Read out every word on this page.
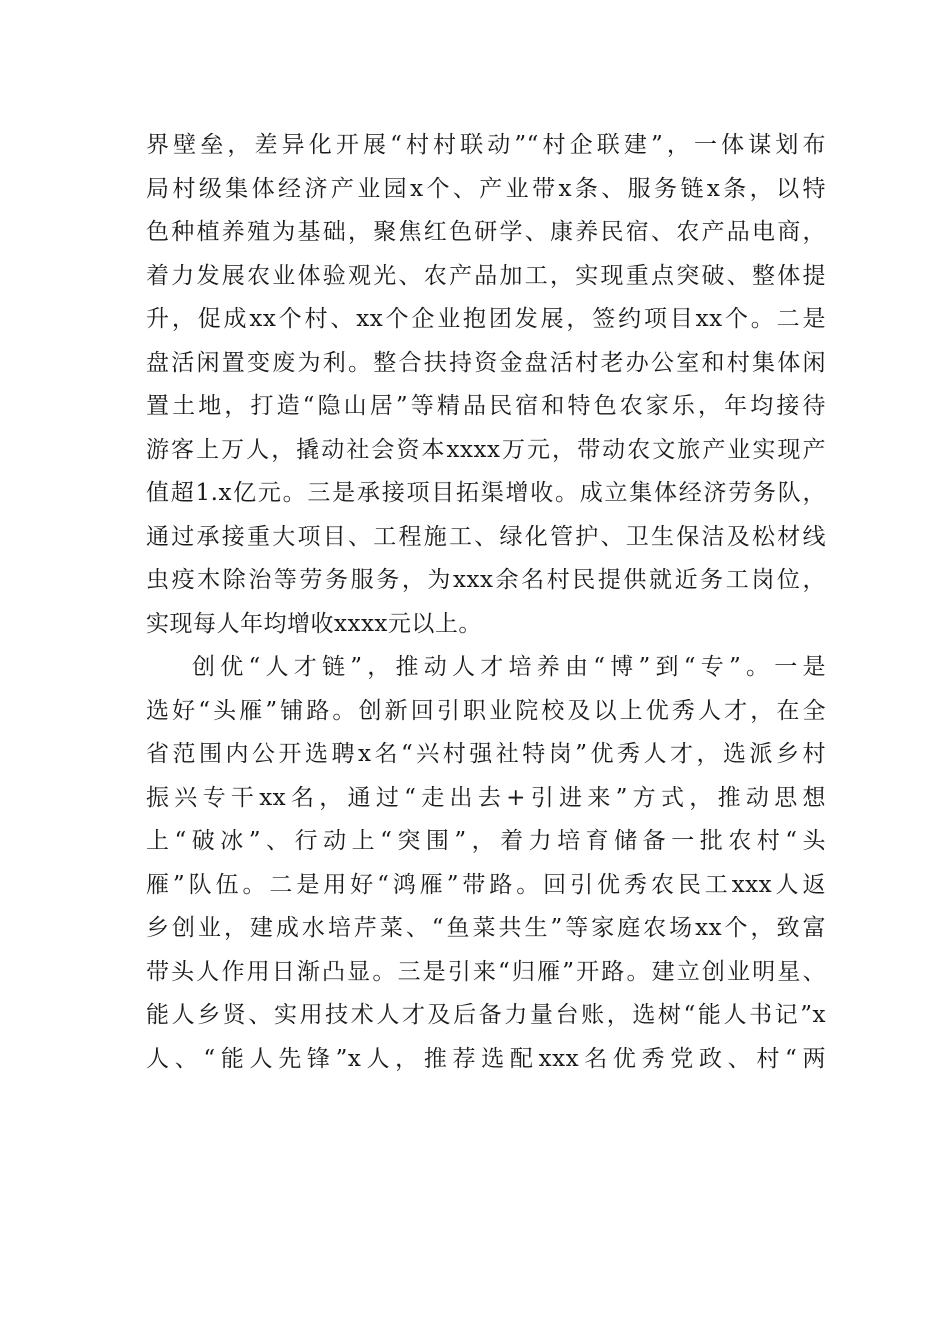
界壁垒，差异化开展“村村联动”“村企联建”，一体谋划布
局村级集体经济产业园x个、产业带x条、服务链x条，以特
色种植养殖为基础，聚焦红色研学、康养民宿、农产品电商，
着力发展农业体验观光、农产品加工，实现重点突破、整体提
升，促成xx个村、xx个企业抱团发展，签约项目xx个。二是
盘活闲置变废为利。整合扶持资金盘活村老办公室和村集体闲
置土地，打造“隐山居”等精品民宿和特色农家乐，年均接待
游客上万人，撬动社会资本xxxx万元，带动农文旅产业实现产
值超1.x亿元。三是承接项目拓渠增收。成立集体经济劳务队，
通过承接重大项目、工程施工、绿化管护、卫生保洁及松材线
虫疫木除治等劳务服务，为xxx余名村民提供就近务工岗位，
实现每人年均增收xxxx元以上。
创优“人才链”，推动人才培养由“博”到“专”。一是
选好“头雁”铺路。创新回引职业院校及以上优秀人才，在全
省范围内公开选聘x名“兴村强社特岗”优秀人才，选派乡村
振兴专干xx名，通过“走出去+引进来”方式，推动思想
上“破冰”、行动上“突围”，着力培育储备一批农村“头
雁”队伍。二是用好“鸿雁”带路。回引优秀农民工xxx人返
乡创业，建成水培芹菜、“鱼菜共生”等家庭农场xx个，致富
带头人作用日渐凸显。三是引来“归雁”开路。建立创业明星、
能人乡贤、实用技术人才及后备力量台账，选树“能人书记”x
人、“能人先锋”x人，推荐选配xxx名优秀党政、村“两
